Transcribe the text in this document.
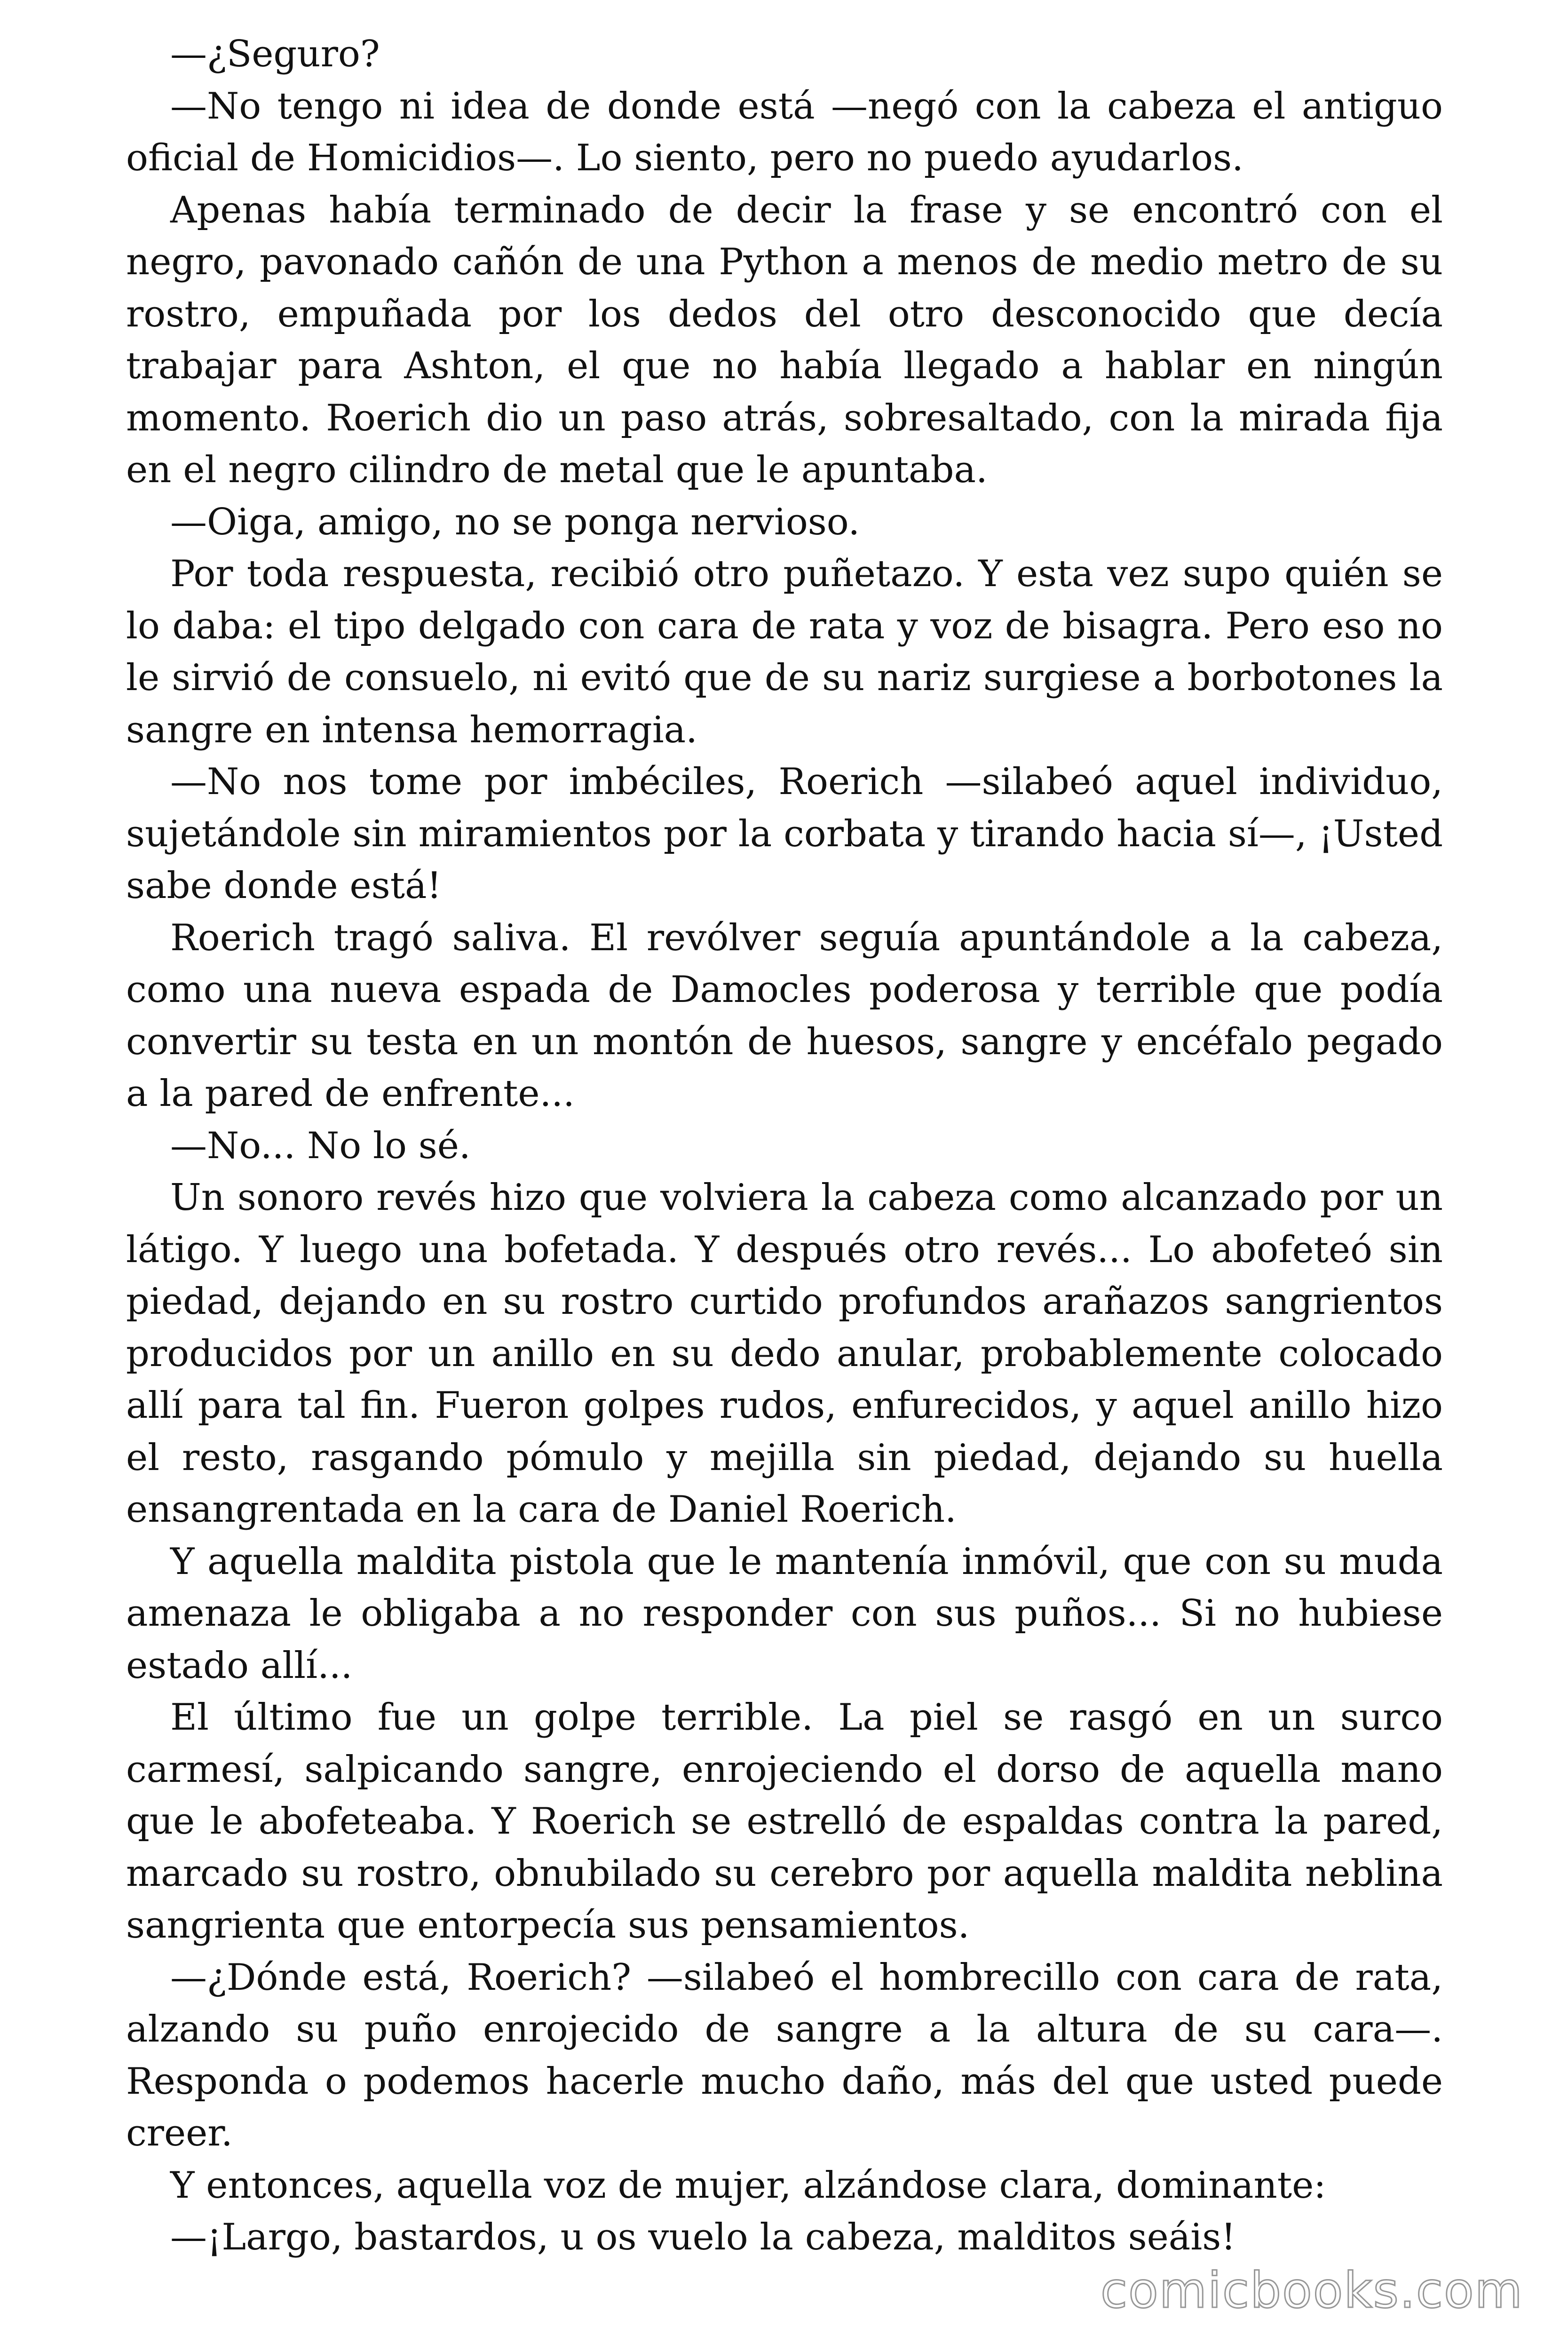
—¿Seguro?

—No tengo ni idea de donde está —negó con la cabeza el antiguo oficial de Homicidios—. Lo siento, pero no puedo ayudarlos.

Apenas había terminado de decir la frase y se encontró con el negro, pavonado cañón de una Python a menos de medio metro de su rostro, empuñada por los dedos del otro desconocido que decía trabajar para Ashton, el que no había llegado a hablar en ningún momento. Roerich dio un paso atrás, sobresaltado, con la mirada fija en el negro cilindro de metal que le apuntaba.

—Oiga, amigo, no se ponga nervioso.

Por toda respuesta, recibió otro puñetazo. Y esta vez supo quién se lo daba: el tipo delgado con cara de rata y voz de bisagra. Pero eso no le sirvió de consuelo, ni evitó que de su nariz surgiese a borbotones la sangre en intensa hemorragia.

—No nos tome por imbéciles, Roerich —silabeó aquel individuo, sujetándole sin miramientos por la corbata y tirando hacia sí—, ¡Usted sabe donde está!

Roerich tragó saliva. El revólver seguía apuntándole a la cabeza, como una nueva espada de Damocles poderosa y terrible que podía convertir su testa en un montón de huesos, sangre y encéfalo pegado a la pared de enfrente...

—No... No lo sé.

Un sonoro revés hizo que volviera la cabeza como alcanzado por un látigo. Y luego una bofetada. Y después otro revés... Lo abofeteó sin piedad, dejando en su rostro curtido profundos arañazos sangrientos producidos por un anillo en su dedo anular, probablemente colocado allí para tal fin. Fueron golpes rudos, enfurecidos, y aquel anillo hizo el resto, rasgando pómulo y mejilla sin piedad, dejando su huella ensangrentada en la cara de Daniel Roerich.

Y aquella maldita pistola que le mantenía inmóvil, que con su muda amenaza le obligaba a no responder con sus puños... Si no hubiese estado allí...

El último fue un golpe terrible. La piel se rasgó en un surco carmesí, salpicando sangre, enrojeciendo el dorso de aquella mano que le abofeteaba. Y Roerich se estrelló de espaldas contra la pared, marcado su rostro, obnubilado su cerebro por aquella maldita neblina sangrienta que entorpecía sus pensamientos.

—¿Dónde está, Roerich? —silabeó el hombrecillo con cara de rata, alzando su puño enrojecido de sangre a la altura de su cara—. Responda o podemos hacerle mucho daño, más del que usted puede creer.

Y entonces, aquella voz de mujer, alzándose clara, dominante:

—¡Largo, bastardos, u os vuelo la cabeza, malditos seáis!

comicbooks.com
